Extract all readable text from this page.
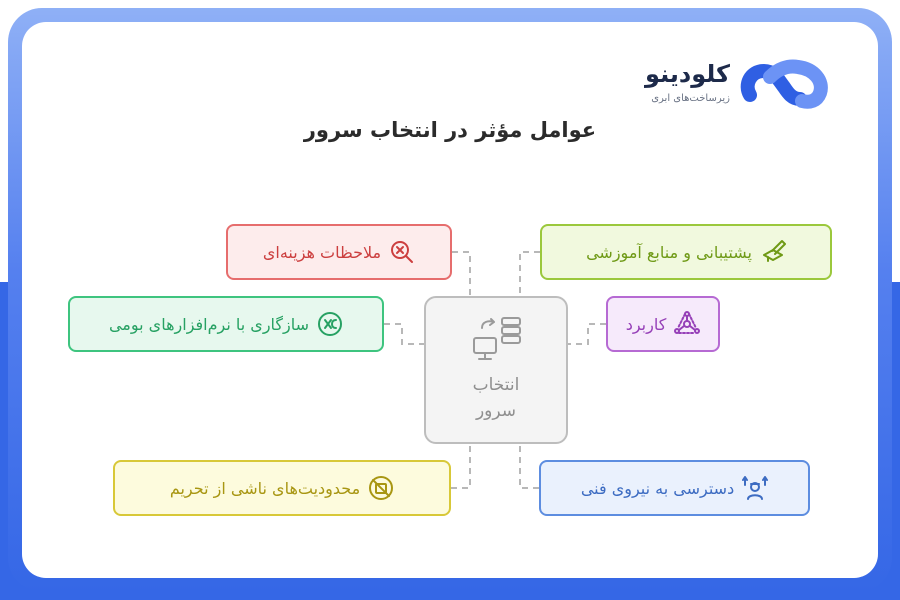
کلودینو
زیرساخت‌های ابری
عوامل مؤثر در انتخاب سرور
انتخاب
سرور
ملاحظات هزینه‌ای
سازگاری با نرم‌افزارهای بومی
محدودیت‌های ناشی از تحریم
پشتیبانی و منابع آموزشی
کاربرد
دسترسی به نیروی فنی
